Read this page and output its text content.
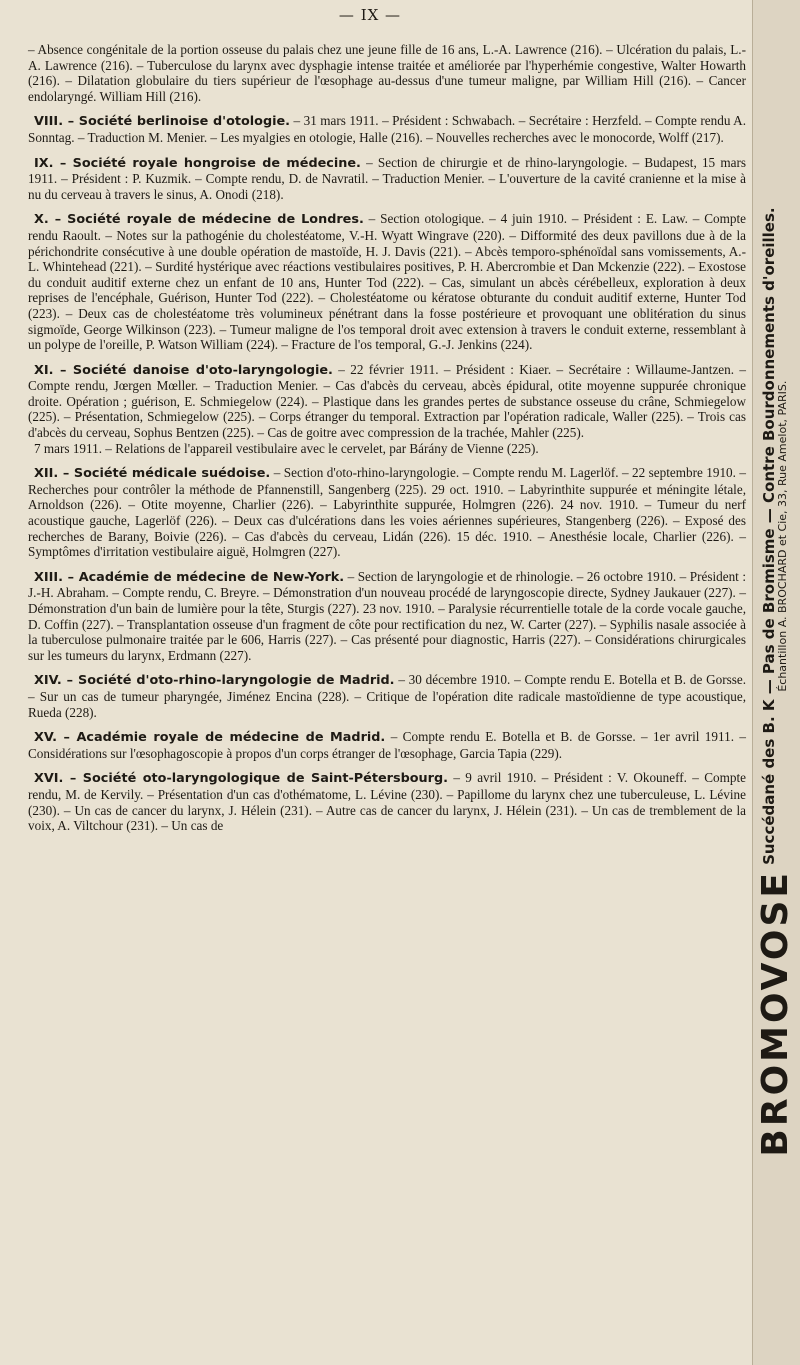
— IX —

– Absence congénitale de la portion osseuse du palais chez une jeune fille de 16 ans, L.-A. Lawrence (216). – Ulcération du palais, L.-A. Lawrence (216). – Tuberculose du larynx avec dysphagie intense traitée et améliorée par l'hyperhémie congestive, Walter Howarth (216). – Dilatation globulaire du tiers supérieur de l'œsophage au-dessus d'une tumeur maligne, par William Hill (216). – Cancer endolaryngé. William Hill (216).

VIII. – Société berlinoise d'otologie. – 31 mars 1911. – Président : Schwabach. – Secrétaire : Herzfeld. – Compte rendu A. Sonntag. – Traduction M. Menier. – Les myalgies en otologie, Halle (216). – Nouvelles recherches avec le monocorde, Wolff (217).

IX. – Société royale hongroise de médecine. – Section de chirurgie et de rhino-laryngologie. – Budapest, 15 mars 1911. – Président : P. Kuzmik. – Compte rendu, D. de Navratil. – Traduction Menier. – L'ouverture de la cavité cranienne et la mise à nu du cerveau à travers le sinus, A. Onodi (218).

X. – Société royale de médecine de Londres. – Section otologique. – 4 juin 1910. – Président : E. Law. – Compte rendu Raoult. – Notes sur la pathogénie du cholestéatome, V.-H. Wyatt Wingrave (220). – Difformité des deux pavillons due à de la périchondrite consécutive à une double opération de mastoïde, H. J. Davis (221). – Abcès temporo-sphénoïdal sans vomissements, A.-L. Whintehead (221). – Surdité hystérique avec réactions vestibulaires positives, P. H. Abercrombie et Dan Mckenzie (222). – Exostose du conduit auditif externe chez un enfant de 10 ans, Hunter Tod (222). – Cas, simulant un abcès cérébelleux, exploration à deux reprises de l'encéphale, Guérison, Hunter Tod (222). – Cholestéatome ou kératose obturante du conduit auditif externe, Hunter Tod (223). – Deux cas de cholestéatome très volumineux pénétrant dans la fosse postérieure et provoquant une oblitération du sinus sigmoïde, George Wilkinson (223). – Tumeur maligne de l'os temporal droit avec extension à travers le conduit externe, ressemblant à un polype de l'oreille, P. Watson William (224). – Fracture de l'os temporal, G.-J. Jenkins (224).

XI. – Société danoise d'oto-laryngologie. – 22 février 1911. – Président : Kiaer. – Secrétaire : Willaume-Jantzen. – Compte rendu, Jœrgen Mœller. – Traduction Menier. – Cas d'abcès du cerveau, abcès épidural, otite moyenne suppurée chronique droite. Opération ; guérison, E. Schmiegelow (224). – Plastique dans les grandes pertes de substance osseuse du crâne, Schmiegelow (225). – Présentation, Schmiegelow (225). – Corps étranger du temporal. Extraction par l'opération radicale, Waller (225). – Trois cas d'abcès du cerveau, Sophus Bentzen (225). – Cas de goitre avec compression de la trachée, Mahler (225).

7 mars 1911. – Relations de l'appareil vestibulaire avec le cervelet, par Bárány de Vienne (225).

XII. – Société médicale suédoise. – Section d'oto-rhino-laryngologie. – Compte rendu M. Lagerlöf. – 22 septembre 1910. – Recherches pour contrôler la méthode de Pfannenstill, Sangenberg (225). 29 oct. 1910. – Labyrinthite suppurée et méningite létale, Arnoldson (226). – Otite moyenne, Charlier (226). – Labyrinthite suppurée, Holmgren (226). 24 nov. 1910. – Tumeur du nerf acoustique gauche, Lagerlöf (226). – Deux cas d'ulcérations dans les voies aériennes supérieures, Stangenberg (226). – Exposé des recherches de Barany, Boivie (226). – Cas d'abcès du cerveau, Lidán (226). 15 déc. 1910. – Anesthésie locale, Charlier (226). – Symptômes d'irritation vestibulaire aiguë, Holmgren (227).

XIII. – Académie de médecine de New-York. – Section de laryngologie et de rhinologie. – 26 octobre 1910. – Président : J.-H. Abraham. – Compte rendu, C. Breyre. – Démonstration d'un nouveau procédé de laryngoscopie directe, Sydney Jaukauer (227). – Démonstration d'un bain de lumière pour la tête, Sturgis (227). 23 nov. 1910. – Paralysie récurrentielle totale de la corde vocale gauche, D. Coffin (227). – Transplantation osseuse d'un fragment de côte pour rectification du nez, W. Carter (227). – Syphilis nasale associée à la tuberculose pulmonaire traitée par le 606, Harris (227). – Cas présenté pour diagnostic, Harris (227). – Considérations chirurgicales sur les tumeurs du larynx, Erdmann (227).

XIV. – Société d'oto-rhino-laryngologie de Madrid. – 30 décembre 1910. – Compte rendu E. Botella et B. de Gorsse. – Sur un cas de tumeur pharyngée, Jiménez Encina (228). – Critique de l'opération dite radicale mastoïdienne de type acoustique, Rueda (228).

XV. – Académie royale de médecine de Madrid. – Compte rendu E. Botella et B. de Gorsse. – 1er avril 1911. – Considérations sur l'œsophagoscopie à propos d'un corps étranger de l'œsophage, Garcia Tapia (229).

XVI. – Société oto-laryngologique de Saint-Pétersbourg. – 9 avril 1910. – Président : V. Okouneff. – Compte rendu, M. de Kervily. – Présentation d'un cas d'othématome, L. Lévine (230). – Papillome du larynx chez une tuberculeuse, L. Lévine (230). – Un cas de cancer du larynx, J. Hélein (231). – Autre cas de cancer du larynx, J. Hélein (231). – Un cas de tremblement de la voix, A. Viltchour (231). – Un cas de

BROMOVOSE Succédané des B. K — Pas de Bromisme — Contre Bourdonnements d'oreilles.
Échantillon A. BROCHARD et Cie, 33, Rue Amelot, PARIS.
